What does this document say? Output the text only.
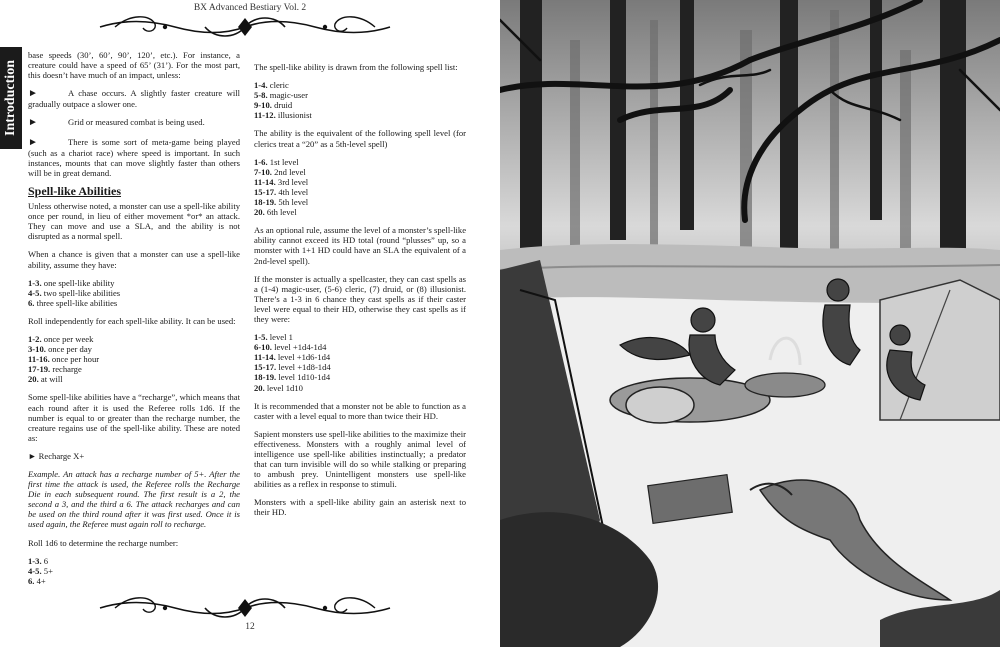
BX Advanced Bestiary Vol. 2
Introduction

base speeds (30’, 60’, 90’, 120’, etc.). For instance, a creature could have a speed of 65’ (31’). For the most part, this doesn’t have much of an impact, unless:

►	A chase occurs. A slightly faster creature will gradually outpace a slower one.

►	Grid or measured combat is being used.

►	There is some sort of meta-game being played (such as a chariot race) where speed is important. In such instances, mounts that can move slightly faster than others will be in great demand.

Spell-like Abilities

Unless otherwise noted, a monster can use a spell-like ability once per round, in lieu of either movement *or* an attack. They can move and use a SLA, and the ability is not disrupted as a normal spell.

When a chance is given that a monster can use a spell-like ability, assume they have:

1-3. one spell-like ability
4-5. two spell-like abilities
6. three spell-like abilities

Roll independently for each spell-like ability. It can be used:

1-2. once per week
3-10. once per day
11-16. once per hour
17-19. recharge
20. at will

Some spell-like abilities have a “recharge”, which means that each round after it is used the Referee rolls 1d6. If the number is equal to or greater than the recharge number, the creature regains use of the spell-like ability. These are noted as:

► Recharge X+

Example. An attack has a recharge number of 5+. After the first time the attack is used, the Referee rolls the Recharge Die in each subsequent round. The first result is a 2, the second a 3, and the third a 6. The attack recharges and can be used on the third round after it was first used. Once it is used again, the Referee must again roll to recharge.

Roll 1d6 to determine the recharge number:

1-3. 6
4-5. 5+
6. 4+

The spell-like ability is drawn from the following spell list:

1-4. cleric
5-8. magic-user
9-10. druid
11-12. illusionist

The ability is the equivalent of the following spell level (for clerics treat a “20” as a 5th-level spell)

1-6. 1st level
7-10. 2nd level
11-14. 3rd level
15-17. 4th level
18-19. 5th level
20. 6th level

As an optional rule, assume the level of a monster’s spell-like ability cannot exceed its HD total (round “plusses” up, so a monster with 1+1 HD could have an SLA the equivalent of a 2nd-level spell).

If the monster is actually a spellcaster, they can cast spells as a (1-4) magic-user, (5-6) cleric, (7) druid, or (8) illusionist. There’s a 1-3 in 6 chance they cast spells as if their caster level were equal to their HD, otherwise they cast spells as if they were:

1-5. level 1
6-10. level +1d4-1d4
11-14. level +1d6-1d4
15-17. level +1d8-1d4
18-19. level 1d10-1d4
20. level 1d10

It is recommended that a monster not be able to function as a caster with a level equal to more than twice their HD.

Sapient monsters use spell-like abilities to the maximize their effectiveness. Monsters with a roughly animal level of intelligence use spell-like abilities instinctually; a predator that can turn invisible will do so while stalking or preparing to ambush prey. Unintelligent monsters use spell-like abilities as a reflex in response to stimuli.

Monsters with a spell-like ability gain an asterisk next to their HD.

12
